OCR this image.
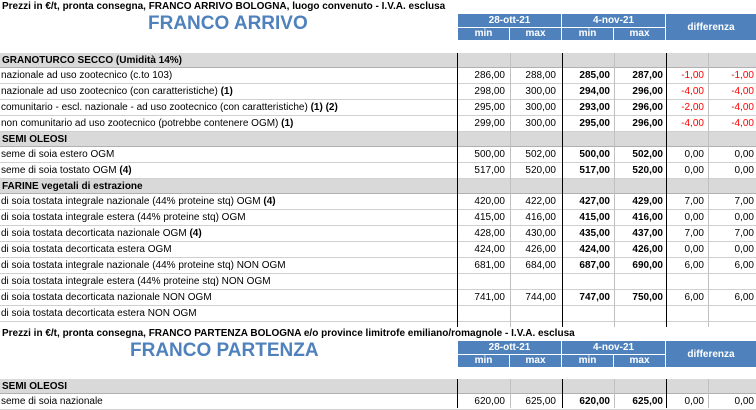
Prezzi in €/t, pronta consegna, FRANCO ARRIVO BOLOGNA, luogo convenuto - I.V.A. esclusa
FRANCO ARRIVO	28-ott-21	4-nov-21
differenza
min	max	min	max
GRANOTURCO SECCO (Umidità 14%)
nazionale ad uso zootecnico (c.to 103)	286,00	288,00	285,00	287,00	-1,00	-1,00
nazionale ad uso zootecnico (con caratteristiche) (1)	298,00	300,00	294,00	296,00	-4,00	-4,00
comunitario - escl. nazionale - ad uso zootecnico (con caratteristiche) (1) (2)	295,00	300,00	293,00	296,00	-2,00	-4,00
non comunitario ad uso zootecnico (potrebbe contenere OGM) (1)	299,00	300,00	295,00	296,00	-4,00	-4,00
SEMI OLEOSI
seme di soia estero OGM	500,00	502,00	500,00	502,00	0,00	0,00
seme di soia tostato OGM (4)	517,00	520,00	517,00	520,00	0,00	0,00
FARINE vegetali di estrazione
di soia tostata integrale nazionale (44% proteine stq) OGM (4)	420,00	422,00	427,00	429,00	7,00	7,00
di soia tostata integrale estera (44% proteine stq) OGM	415,00	416,00	415,00	416,00	0,00	0,00
di soia tostata decorticata nazionale OGM (4)	428,00	430,00	435,00	437,00	7,00	7,00
di soia tostata decorticata estera OGM	424,00	426,00	424,00	426,00	0,00	0,00
di soia tostata integrale nazionale (44% proteine stq) NON OGM	681,00	684,00	687,00	690,00	6,00	6,00
di soia tostata integrale estera (44% proteine stq) NON OGM
di soia tostata decorticata nazionale NON OGM	741,00	744,00	747,00	750,00	6,00	6,00
di soia tostata decorticata estera NON OGM
Prezzi in €/t, pronta consegna, FRANCO PARTENZA BOLOGNA e/o province limitrofe emiliano/romagnole - I.V.A. esclusa
FRANCO PARTENZA	28-ott-21	4-nov-21
differenza
min	max	min	max
SEMI OLEOSI
seme di soia nazionale	620,00	625,00	620,00	625,00	0,00	0,00
